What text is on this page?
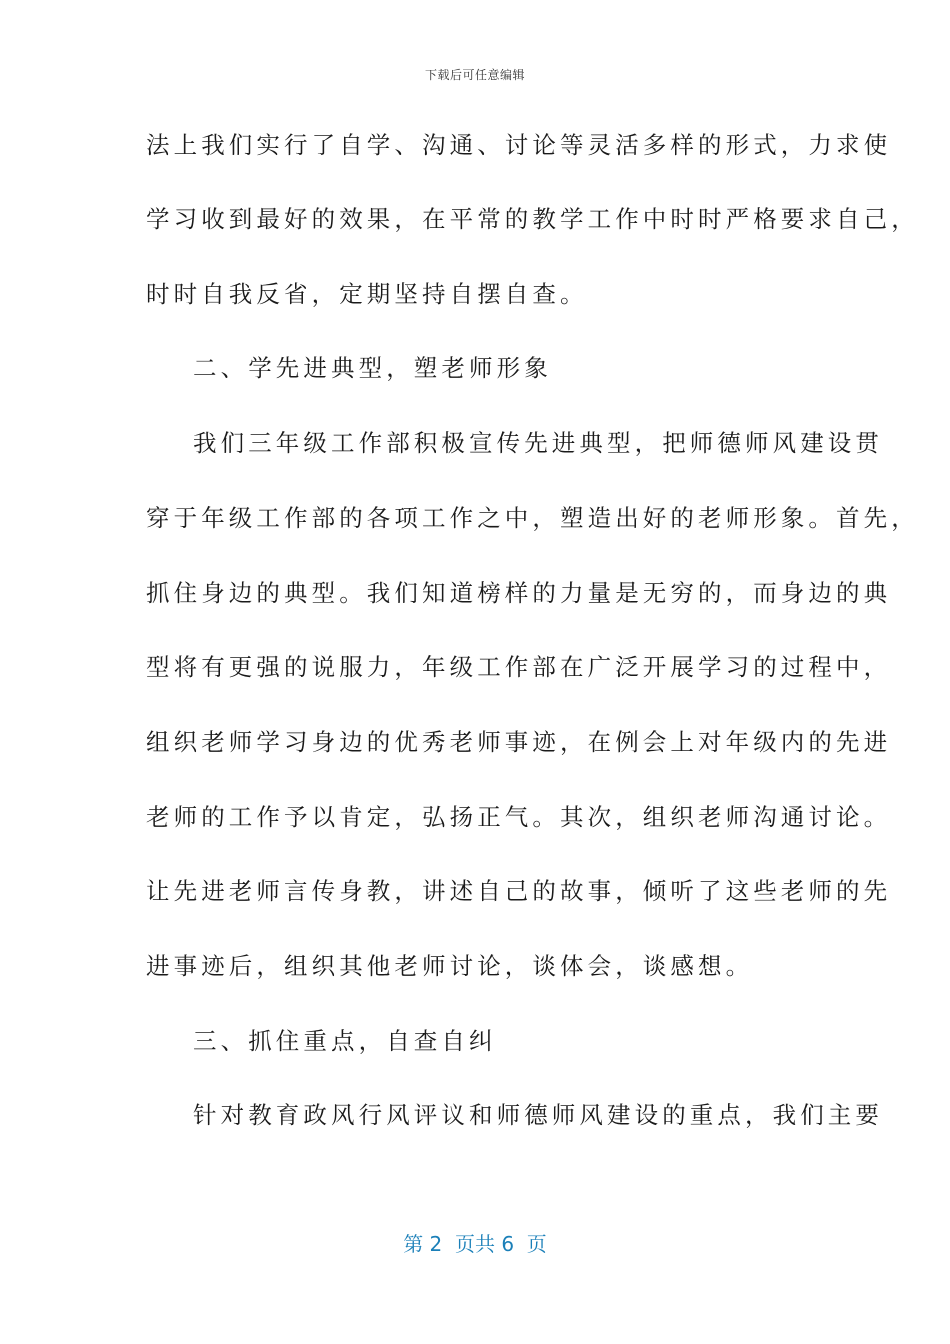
下载后可任意编辑
法上我们实行了自学、沟通、讨论等灵活多样的形式，力求使
学习收到最好的效果，在平常的教学工作中时时严格要求自己，
时时自我反省，定期坚持自摆自查。
二、学先进典型，塑老师形象
我们三年级工作部积极宣传先进典型，把师德师风建设贯
穿于年级工作部的各项工作之中，塑造出好的老师形象。首先，
抓住身边的典型。我们知道榜样的力量是无穷的，而身边的典
型将有更强的说服力，年级工作部在广泛开展学习的过程中，
组织老师学习身边的优秀老师事迹，在例会上对年级内的先进
老师的工作予以肯定，弘扬正气。其次，组织老师沟通讨论。
让先进老师言传身教，讲述自己的故事，倾听了这些老师的先
进事迹后，组织其他老师讨论，谈体会，谈感想。
三、抓住重点，自查自纠
针对教育政风行风评议和师德师风建设的重点，我们主要
第 2  页共 6  页
